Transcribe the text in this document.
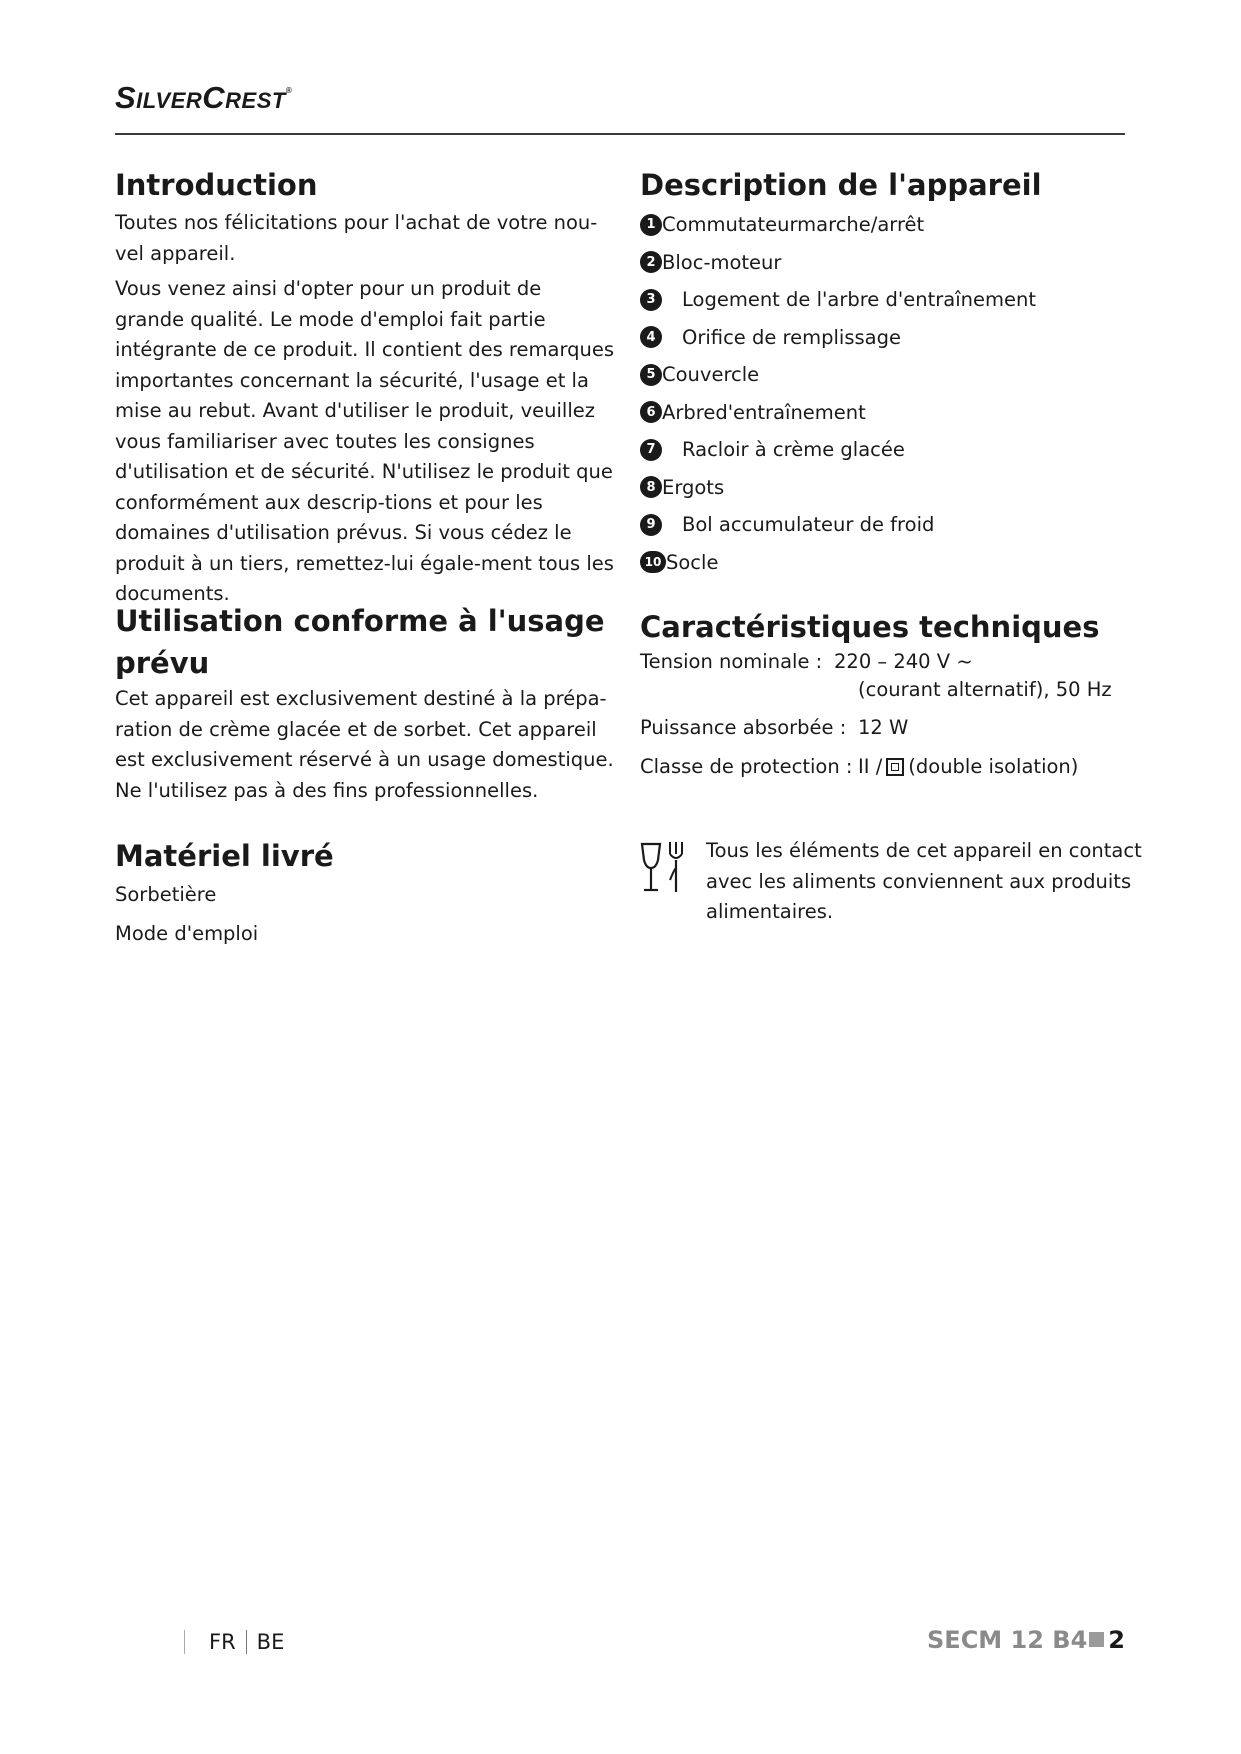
SilverCrest®
Introduction

Toutes nos félicitations pour l'achat de votre nou-vel appareil.

Vous venez ainsi d'opter pour un produit de grande qualité. Le mode d'emploi fait partie intégrante de ce produit. Il contient des remarques importantes concernant la sécurité, l'usage et la mise au rebut. Avant d'utiliser le produit, veuillez vous familiariser avec toutes les consignes d'utilisation et de sécurité. N'utilisez le produit que conformément aux descrip-tions et pour les domaines d'utilisation prévus. Si vous cédez le produit à un tiers, remettez-lui égale-ment tous les documents.

Utilisation conforme à l'usage prévu

Cet appareil est exclusivement destiné à la prépa-ration de crème glacée et de sorbet. Cet appareil est exclusivement réservé à un usage domestique. Ne l'utilisez pas à des fins professionnelles.

Matériel livré

Sorbetière

Mode d'emploi

Description de l'appareil
1 Commutateurmarche/arrêt
2 Bloc-moteur
3	Logement de l'arbre d'entraînement
4	Orifice de remplissage
5 Couvercle
6 Arbred'entraînement
7	Racloir à crème glacée
8 Ergots
9	Bol accumulateur de froid
10 Socle
Caractéristiques techniques
Tension nominale : 220 – 240 V ~
(courant alternatif), 50 Hz
Puissance absorbée : 12 W
Classe de protection : II / (double isolation)
Tous les éléments de cet appareil en contact avec les aliments conviennent aux produits alimentaires.
FR BE	SECM 12 B4 2
